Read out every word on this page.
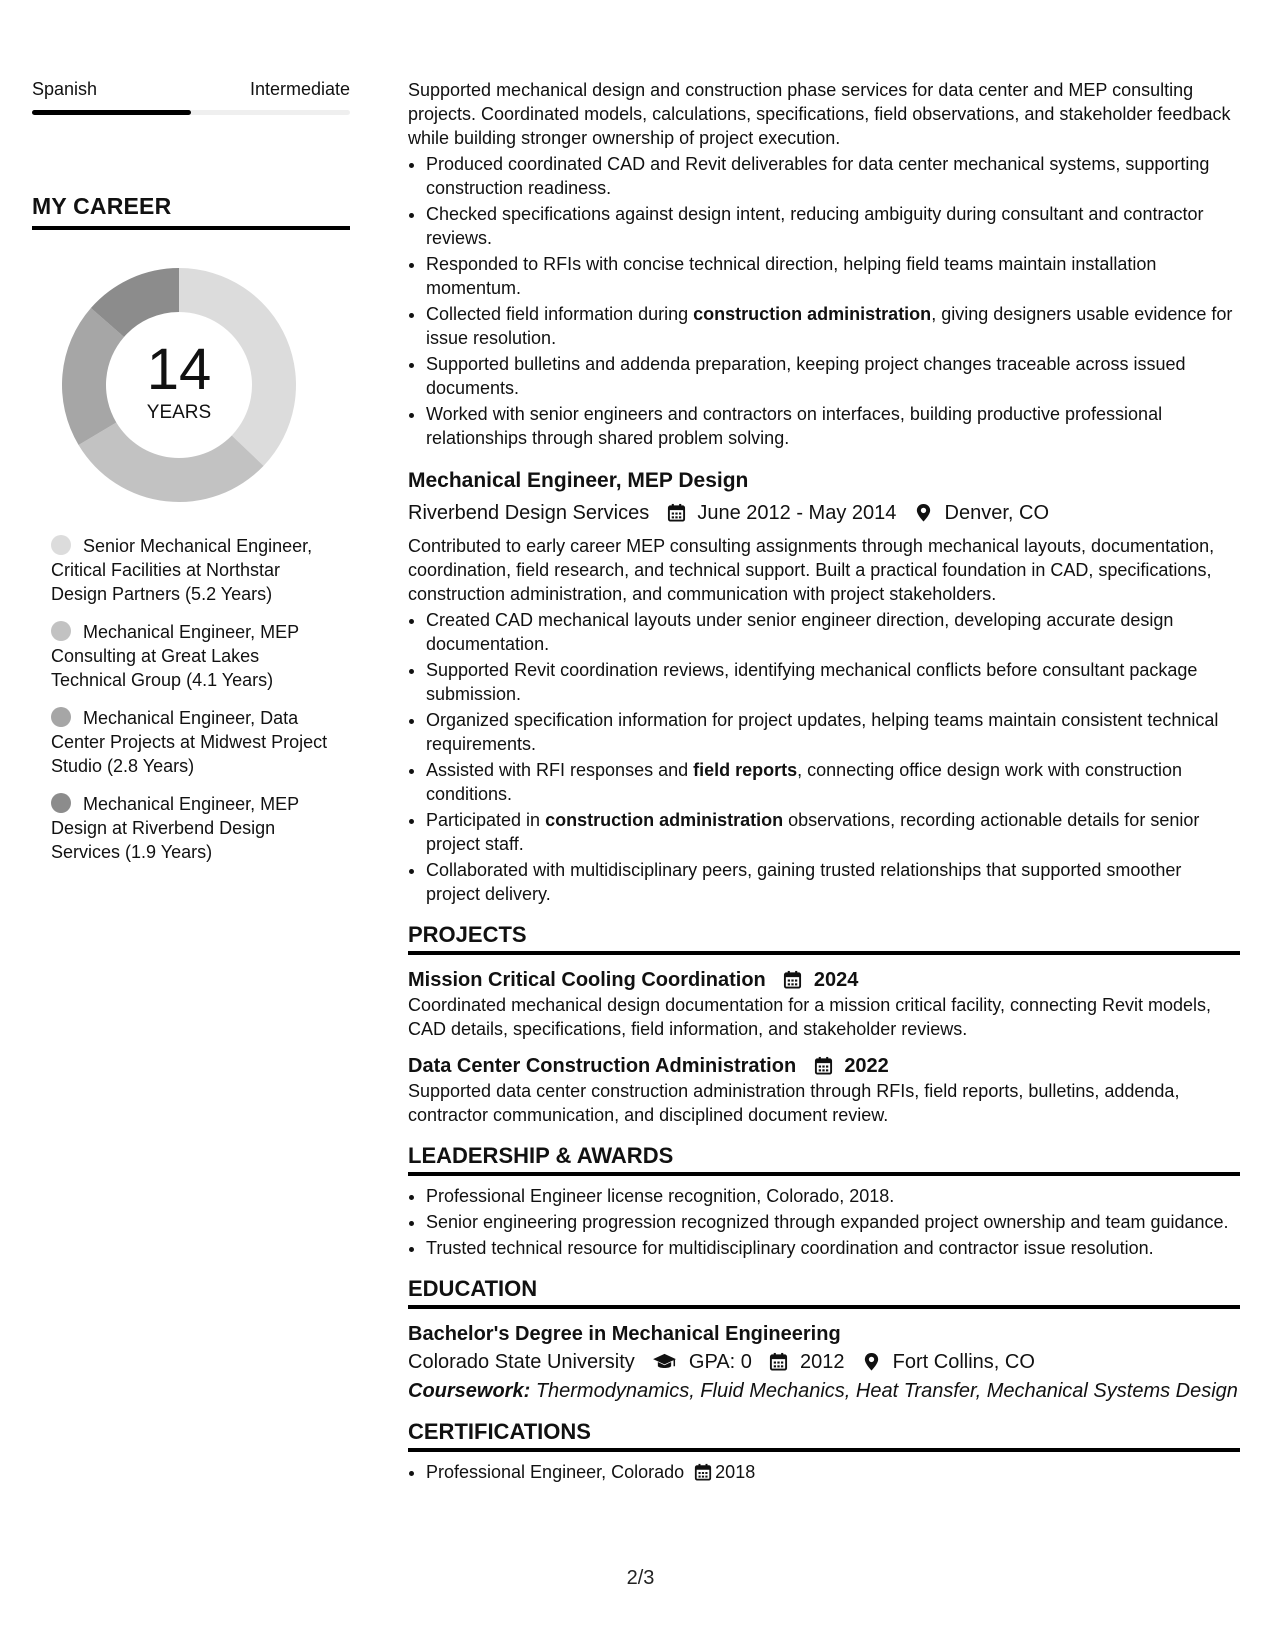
Spanish	Intermediate
MY CAREER
14
YEARS
Senior Mechanical Engineer, Critical Facilities at Northstar Design Partners (5.2 Years)
Mechanical Engineer, MEP Consulting at Great Lakes Technical Group (4.1 Years)
Mechanical Engineer, Data Center Projects at Midwest Project Studio (2.8 Years)
Mechanical Engineer, MEP Design at Riverbend Design Services (1.9 Years)

Supported mechanical design and construction phase services for data center and MEP consulting projects. Coordinated models, calculations, specifications, field observations, and stakeholder feedback while building stronger ownership of project execution.

• Produced coordinated CAD and Revit deliverables for data center mechanical systems, supporting construction readiness.
• Checked specifications against design intent, reducing ambiguity during consultant and contractor reviews.
• Responded to RFIs with concise technical direction, helping field teams maintain installation momentum.
• Collected field information during construction administration, giving designers usable evidence for issue resolution.
• Supported bulletins and addenda preparation, keeping project changes traceable across issued documents.
• Worked with senior engineers and contractors on interfaces, building productive professional relationships through shared problem solving.
Mechanical Engineer, MEP Design
Riverbend Design Services June 2012 - May 2014 Denver, CO

Contributed to early career MEP consulting assignments through mechanical layouts, documentation, coordination, field research, and technical support. Built a practical foundation in CAD, specifications, construction administration, and communication with project stakeholders.

• Created CAD mechanical layouts under senior engineer direction, developing accurate design documentation.
• Supported Revit coordination reviews, identifying mechanical conflicts before consultant package submission.
• Organized specification information for project updates, helping teams maintain consistent technical requirements.
• Assisted with RFI responses and field reports, connecting office design work with construction conditions.
• Participated in construction administration observations, recording actionable details for senior project staff.
• Collaborated with multidisciplinary peers, gaining trusted relationships that supported smoother project delivery.
PROJECTS
Mission Critical Cooling Coordination 2024

Coordinated mechanical design documentation for a mission critical facility, connecting Revit models, CAD details, specifications, field information, and stakeholder reviews.

Data Center Construction Administration 2022

Supported data center construction administration through RFIs, field reports, bulletins, addenda, contractor communication, and disciplined document review.

LEADERSHIP & AWARDS
• Professional Engineer license recognition, Colorado, 2018.
• Senior engineering progression recognized through expanded project ownership and team guidance.
• Trusted technical resource for multidisciplinary coordination and contractor issue resolution.
EDUCATION
Bachelor's Degree in Mechanical Engineering
Colorado State University	GPA: 0 2012 Fort Collins, CO
Coursework: Thermodynamics, Fluid Mechanics, Heat Transfer, Mechanical Systems Design
CERTIFICATIONS
• Professional Engineer, Colorado 2018
2/3
